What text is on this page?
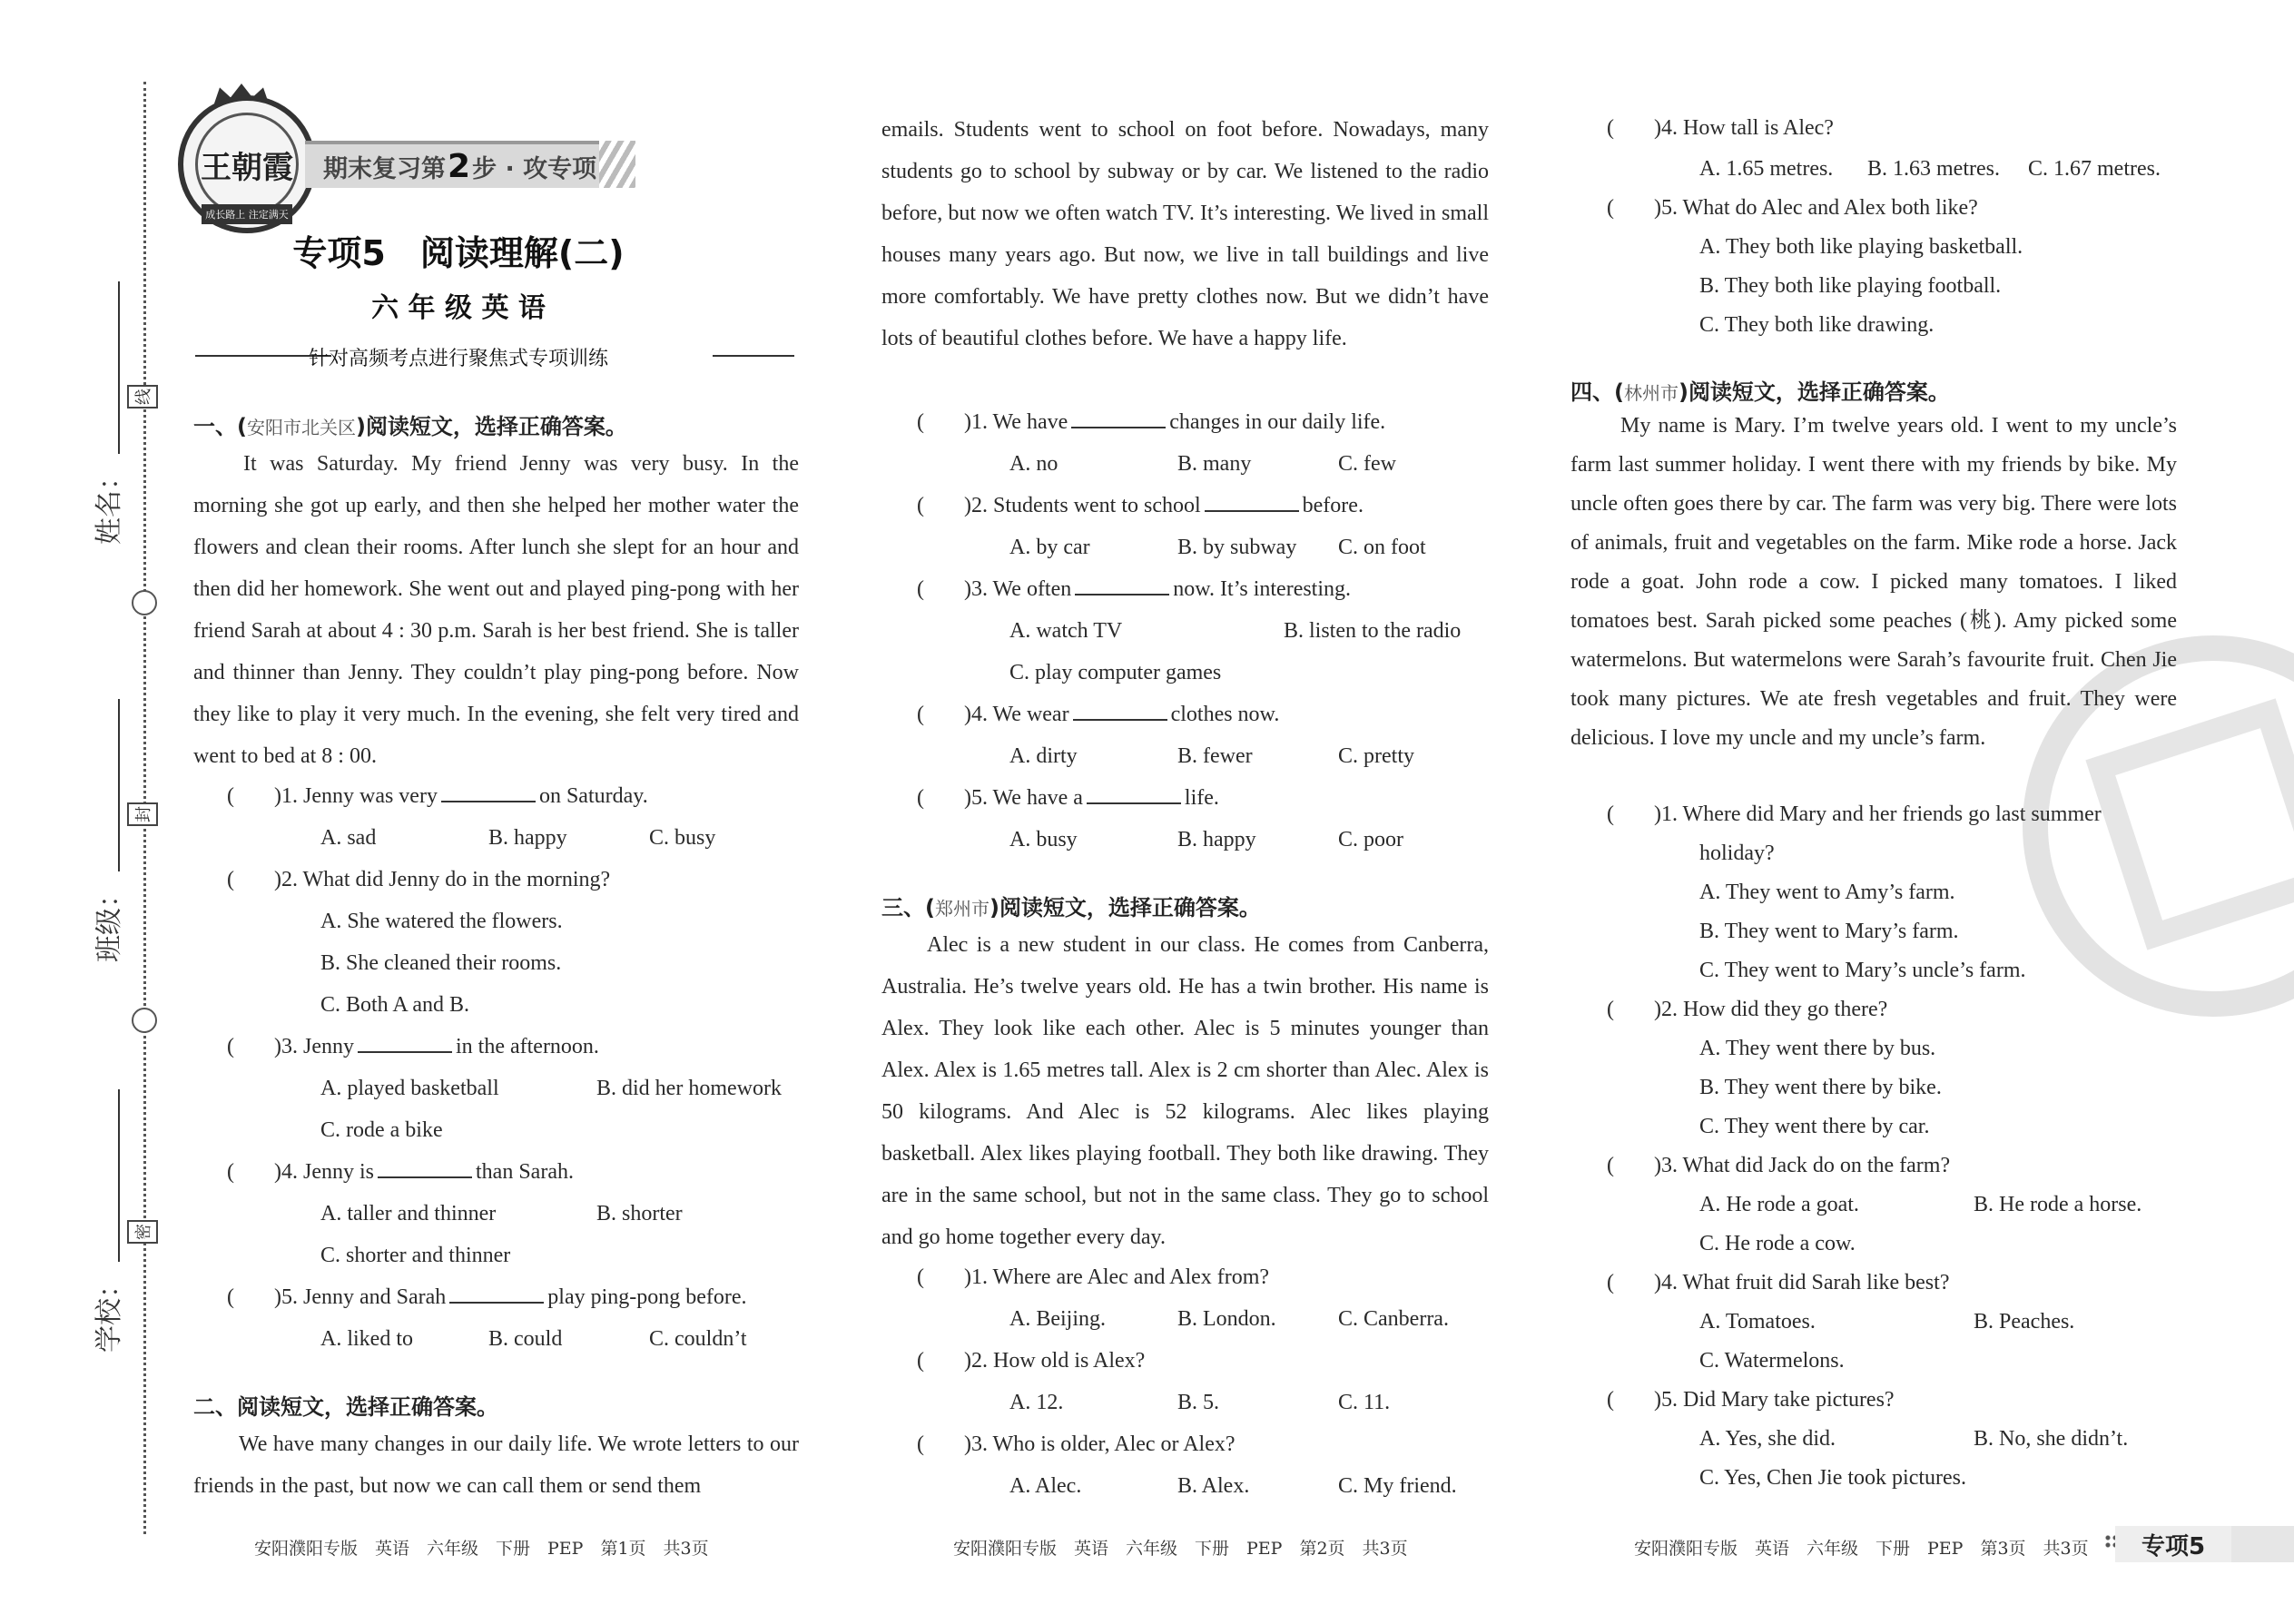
线
封
密
姓名：
班级：
学校：
王朝霞
成长路上 注定满天
期末复习第 2 步 · 攻专项
专项5　阅读理解(二)
六 年 级 英 语
针对高频考点进行聚焦式专项训练
一、(安阳市北关区)阅读短文，选择正确答案。
It was Saturday. My friend Jenny was very busy. In the morning she got up early, and then she helped her mother water the flowers and clean their rooms. After lunch she slept for an hour and then did her homework. She went out and played ping-pong with her friend Sarah at about 4 : 30 p.m. Sarah is her best friend. She is taller and thinner than Jenny. They couldn’t play ping-pong before. Now they like to play it very much. In the evening, she felt very tired and went to bed at 8 : 00.
( )1. Jenny was very	on Saturday.
A. sad	B. happy	C. busy
( )2. What did Jenny do in the morning?
A. She watered the flowers.
B. She cleaned their rooms.
C. Both A and B.
( )3. Jenny	in the afternoon.
A. played basketball	B. did her homework
C. rode a bike
( )4. Jenny is	than Sarah.
A. taller and thinner	B. shorter
C. shorter and thinner
( )5. Jenny and Sarah	play ping-pong before.
A. liked to	B. could	C. couldn’t
二、阅读短文，选择正确答案。
We have many changes in our daily life. We wrote letters to our friends in the past, but now we can call them or send them
安阳濮阳专版　英语　六年级　下册　PEP　第1页　共3页
emails. Students went to school on foot before. Nowadays, many students go to school by subway or by car. We listened to the radio before, but now we often watch TV. It’s interesting. We lived in small houses many years ago. But now, we live in tall buildings and live more comfortably. We have pretty clothes now. But we didn’t have lots of beautiful clothes before. We have a happy life.
( )1. We have	changes in our daily life.
A. no	B. many	C. few
( )2. Students went to school	before.
A. by car	B. by subway C. on foot
( )3. We often	now. It’s interesting.
A. watch TV	B. listen to the radio
C. play computer games
( )4. We wear	clothes now.
A. dirty	B. fewer	C. pretty
( )5. We have a	life.
A. busy	B. happy	C. poor
三、(郑州市)阅读短文，选择正确答案。
Alec is a new student in our class. He comes from Canberra, Australia. He’s twelve years old. He has a twin brother. His name is Alex. They look like each other. Alec is 5 minutes younger than Alex. Alex is 1.65 metres tall. Alex is 2 cm shorter than Alec. Alex is 50 kilograms. And Alec is 52 kilograms. Alec likes playing basketball. Alex likes playing football. They both like drawing. They are in the same school, but not in the same class. They go to school and go home together every day.
( )1. Where are Alec and Alex from?
A. Beijing.	B. London.	C. Canberra.
( )2. How old is Alex?
A. 12.	B. 5.	C. 11.
( )3. Who is older, Alec or Alex?
A. Alec.	B. Alex.	C. My friend.
安阳濮阳专版　英语　六年级　下册　PEP　第2页　共3页
( )4. How tall is Alec?
A. 1.65 metres. B. 1.63 metres. C. 1.67 metres.
( )5. What do Alec and Alex both like?
A. They both like playing basketball.
B. They both like playing football.
C. They both like drawing.
四、(林州市)阅读短文，选择正确答案。
My name is Mary. I’m twelve years old. I went to my uncle’s farm last summer holiday. I went there with my friends by bike. My uncle often goes there by car. The farm was very big. There were lots of animals, fruit and vegetables on the farm. Mike rode a horse. Jack rode a goat. John rode a cow. I picked many tomatoes. I liked tomatoes best. Sarah picked some peaches (桃). Amy picked some watermelons. But watermelons were Sarah’s favourite fruit. Chen Jie took many pictures. We ate fresh vegetables and fruit. They were delicious. I love my uncle and my uncle’s farm.
( )1. Where did Mary and her friends go last summer
holiday?
A. They went to Amy’s farm.
B. They went to Mary’s farm.
C. They went to Mary’s uncle’s farm.
( )2. How did they go there?
A. They went there by bus.
B. They went there by bike.
C. They went there by car.
( )3. What did Jack do on the farm?
A. He rode a goat.	B. He rode a horse.
C. He rode a cow.
( )4. What fruit did Sarah like best?
A. Tomatoes.	B. Peaches.
C. Watermelons.
( )5. Did Mary take pictures?
A. Yes, she did.	B. No, she didn’t.
C. Yes, Chen Jie took pictures.
安阳濮阳专版　英语　六年级　下册　PEP　第3页　共3页	专项5
